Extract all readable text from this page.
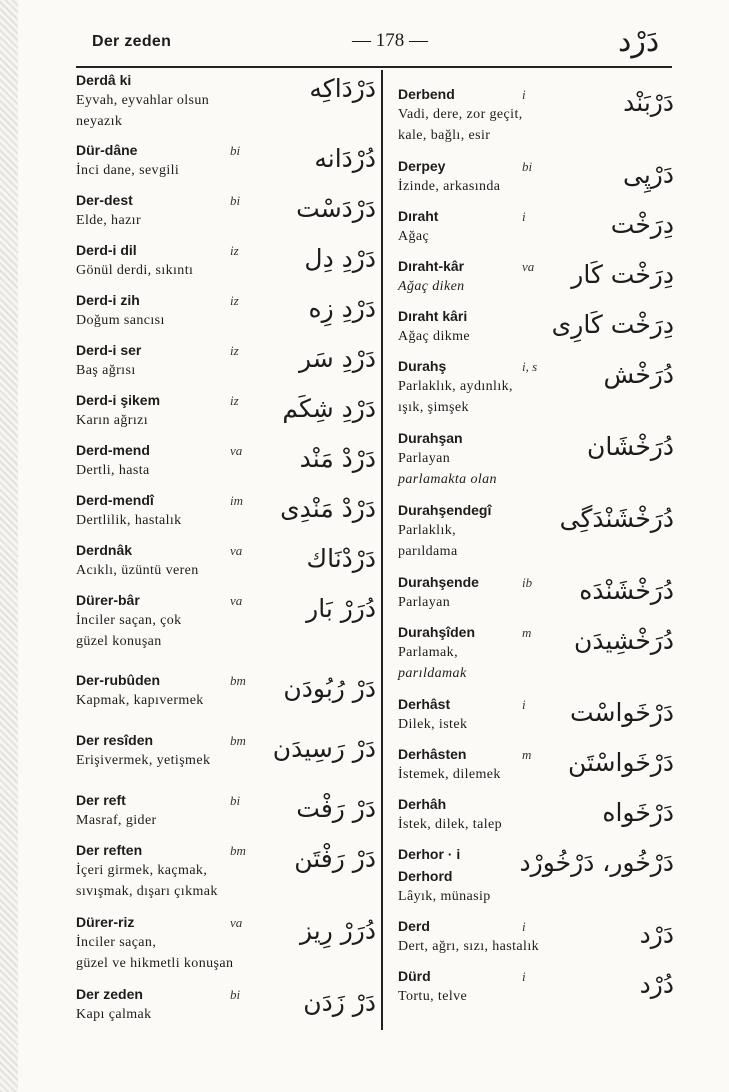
Der zeden	— 178 —	دَرْد
Derdâ ki	دَرْدَاكِه
Eyvah, eyvahlar olsun
neyazık
Dür-dâne	bi	دُرْدَانه
İnci dane, sevgili
Der-dest	bi دَرْدَسْت
Elde, hazır
Derd-i dil	iz	دَرْدِ دِل
Gönül derdi, sıkıntı
Derd-i zih	iz	دَرْدِ زِه
Doğum sancısı
Derd-i ser	iz دَرْدِ سَر
Baş ağrısı
Derd-i şikem	iz دَرْدِ شِكَم
Karın ağrızı
Derd-mend	va دَرْدْ مَنْد
Dertli, hasta
Derd-mendî	im دَرْدْ مَنْدِى
Dertlilik, hastalık
Derdnâk	va	دَرْدْنَاك
Acıklı, üzüntü veren
Dürer-bâr	va	دُرَرْ بَار
İnciler saçan, çok
güzel konuşan
Der-rubûden	bm دَرْ رُبُودَن
Kapmak, kapıvermek
Der resîden	bm دَرْ رَسِيدَن
Erişivermek, yetişmek
Der reft	bi دَرْ رَفْت
Masraf, gider
Der reften	bm دَرْ رَفْتَن
İçeri girmek, kaçmak,
sıvışmak, dışarı çıkmak
Dürer-riz	va دُرَرْ رِيز
İnciler saçan,
güzel ve hikmetli konuşan
Der zeden	bi	دَرْ زَدَن
Kapı çalmak
Derbend	i	دَرْبَنْد
Vadi, dere, zor geçit,
kale, bağlı, esir
Derpey	bi	دَرْپِى
İzinde, arkasında
Dıraht	i	دِرَخْت
Ağaç
Dıraht-kâr	va دِرَخْت كَار
Ağaç diken
Dıraht kâri	دِرَخْت كَارِى
Ağaç dikme
Durahş	i, s	دُرَخْش
Parlaklık, aydınlık,
ışık, şimşek
Durahşan	دُرَخْشَان
Parlayan
parlamakta olan
Durahşendegî	دُرَخْشَنْدَگِى
Parlaklık,
parıldama
Durahşende	ib دُرَخْشَنْدَه
Parlayan
Durahşîden	m دُرَخْشِيدَن
Parlamak,
parıldamak
Derhâst	i دَرْخَواسْت
Dilek, istek
Derhâsten	m دَرْخَواسْتَن
İstemek, dilemek
Derhâh	دَرْخَواه
İstek, dilek, talep
Derhor · i	دَرْخُور، دَرْخُورْد
Derhord
Lâyık, münasip
Derd	i	دَرْد
Dert, ağrı, sızı, hastalık
Dürd	i	دُرْد
Tortu, telve
